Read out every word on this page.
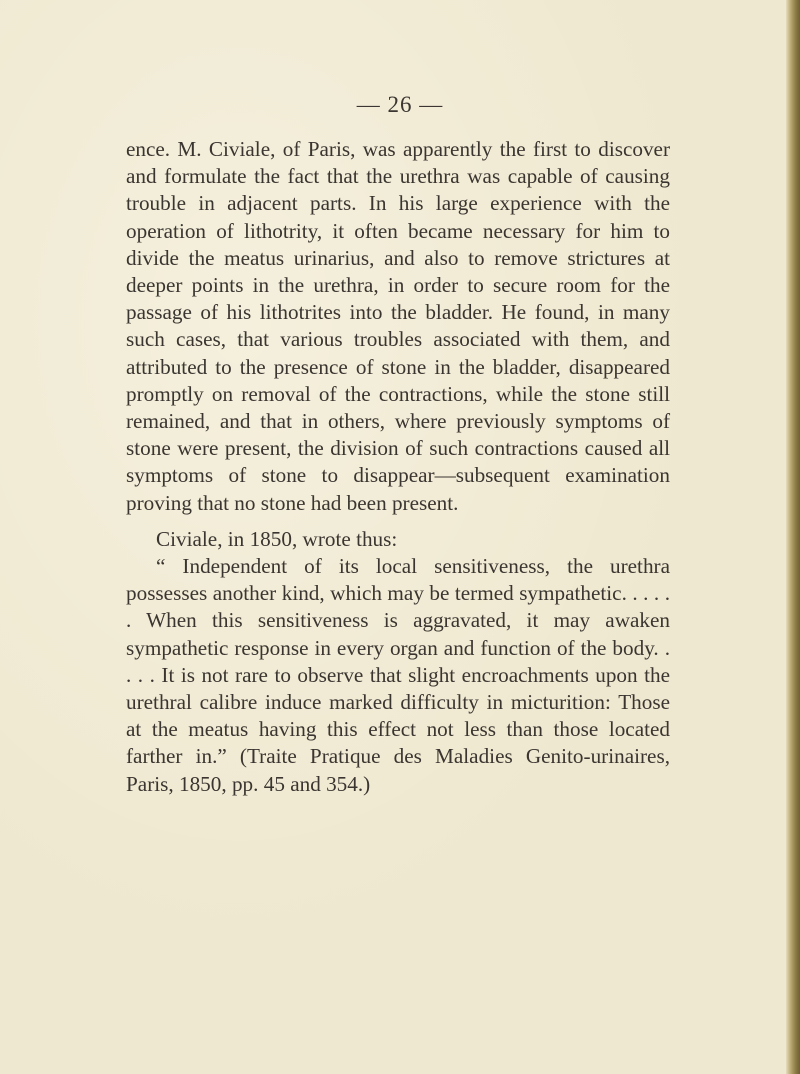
— 26 —

ence. M. Civiale, of Paris, was apparently the first to discover and formulate the fact that the urethra was capable of causing trouble in adjacent parts. In his large experience with the operation of lithotrity, it often became necessary for him to divide the meatus urinarius, and also to remove strictures at deeper points in the urethra, in order to secure room for the passage of his lithotrites into the bladder. He found, in many such cases, that various troubles associated with them, and attributed to the presence of stone in the bladder, disappeared promptly on removal of the contractions, while the stone still remained, and that in others, where previously symptoms of stone were present, the division of such contractions caused all symptoms of stone to disappear—subsequent examination proving that no stone had been present.

Civiale, in 1850, wrote thus:

“ Independent of its local sensitiveness, the urethra possesses another kind, which may be termed sympathetic. . . . . . When this sensitiveness is aggravated, it may awaken sympathetic response in every organ and function of the body. . . . . It is not rare to observe that slight encroachments upon the urethral calibre induce marked difficulty in micturition: Those at the meatus having this effect not less than those located farther in.” (Traite Pratique des Maladies Genito-urinaires, Paris, 1850, pp. 45 and 354.)
